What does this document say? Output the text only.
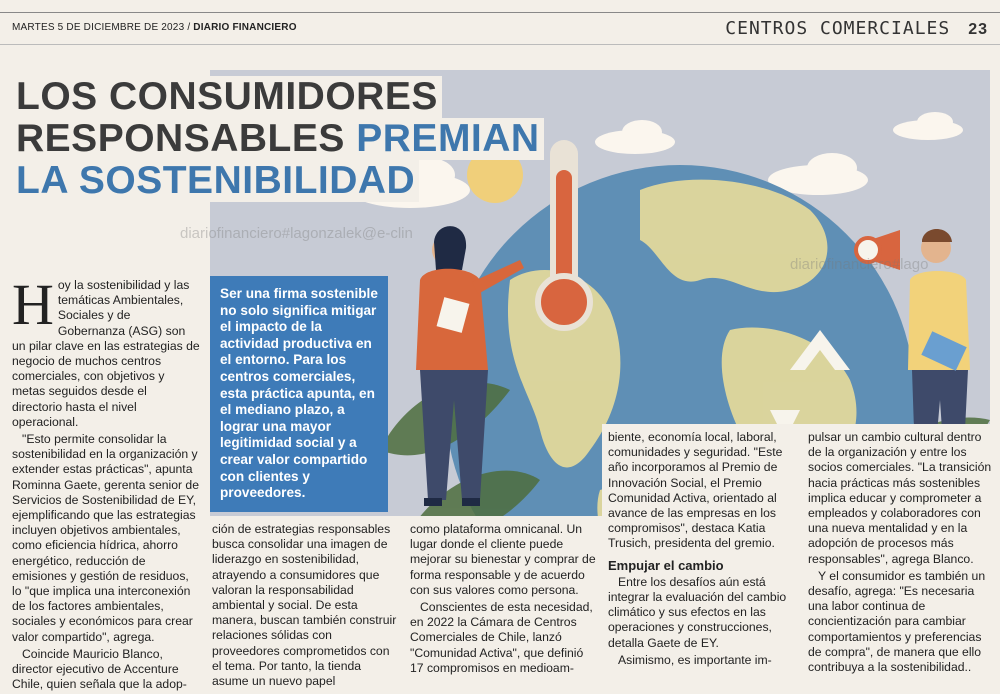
MARTES 5 DE DICIEMBRE DE 2023 / DIARIO FINANCIERO	CENTROS COMERCIALES 23
diariofinanciero#lagonzalek@e-clin
diariofinanciero#lago
LOS CONSUMIDORES
RESPONSABLES PREMIAN
LA SOSTENIBILIDAD
Ser una firma sostenible no solo significa mitigar el impacto de la actividad productiva en el entorno. Para los centros comerciales, esta práctica apunta, en el mediano plazo, a lograr una mayor legitimidad social y a crear valor compartido con clientes y proveedores.

Hoy la sostenibilidad y las temáticas Ambientales, Sociales y de Gobernanza (ASG) son un pilar clave en las estrategias de negocio de muchos centros comerciales, con objetivos y metas seguidos desde el directorio hasta el nivel operacional.

"Esto permite consolidar la sostenibilidad en la organización y extender estas prácticas", apunta Rominna Gaete, gerenta senior de Servicios de Sostenibilidad de EY, ejemplificando que las estrategias incluyen objetivos ambientales, como eficiencia hídrica, ahorro energético, reducción de emisiones y gestión de residuos, lo "que implica una interconexión de los factores ambientales, sociales y económicos para crear valor compartido", agrega.

Coincide Mauricio Blanco, director ejecutivo de Accenture Chile, quien señala que la adop-

ción de estrategias responsables busca consolidar una imagen de liderazgo en sostenibilidad, atrayendo a consumidores que valoran la responsabilidad ambiental y social. De esta manera, buscan también construir relaciones sólidas con proveedores comprometidos con el tema. Por tanto, la tienda asume un nuevo papel

como plataforma omnicanal. Un lugar donde el cliente puede mejorar su bienestar y comprar de forma responsable y de acuerdo con sus valores como persona.

Conscientes de esta necesidad, en 2022 la Cámara de Centros Comerciales de Chile, lanzó "Comunidad Activa", que definió 17 compromisos en medioam-

biente, economía local, laboral, comunidades y seguridad. "Este año incorporamos al Premio de Innovación Social, el Premio Comunidad Activa, orientado al avance de las empresas en los compromisos", destaca Katia Trusich, presidenta del gremio.

Empujar el cambio

Entre los desafíos aún está integrar la evaluación del cambio climático y sus efectos en las operaciones y construcciones, detalla Gaete de EY.

Asimismo, es importante im-

pulsar un cambio cultural dentro de la organización y entre los socios comerciales. "La transición hacia prácticas más sostenibles implica educar y comprometer a empleados y colaboradores con una nueva mentalidad y en la adopción de procesos más responsables", agrega Blanco.

Y el consumidor es también un desafío, agrega: "Es necesaria una labor continua de concientización para cambiar comportamientos y preferencias de compra", de manera que ello contribuya a la sostenibilidad..
